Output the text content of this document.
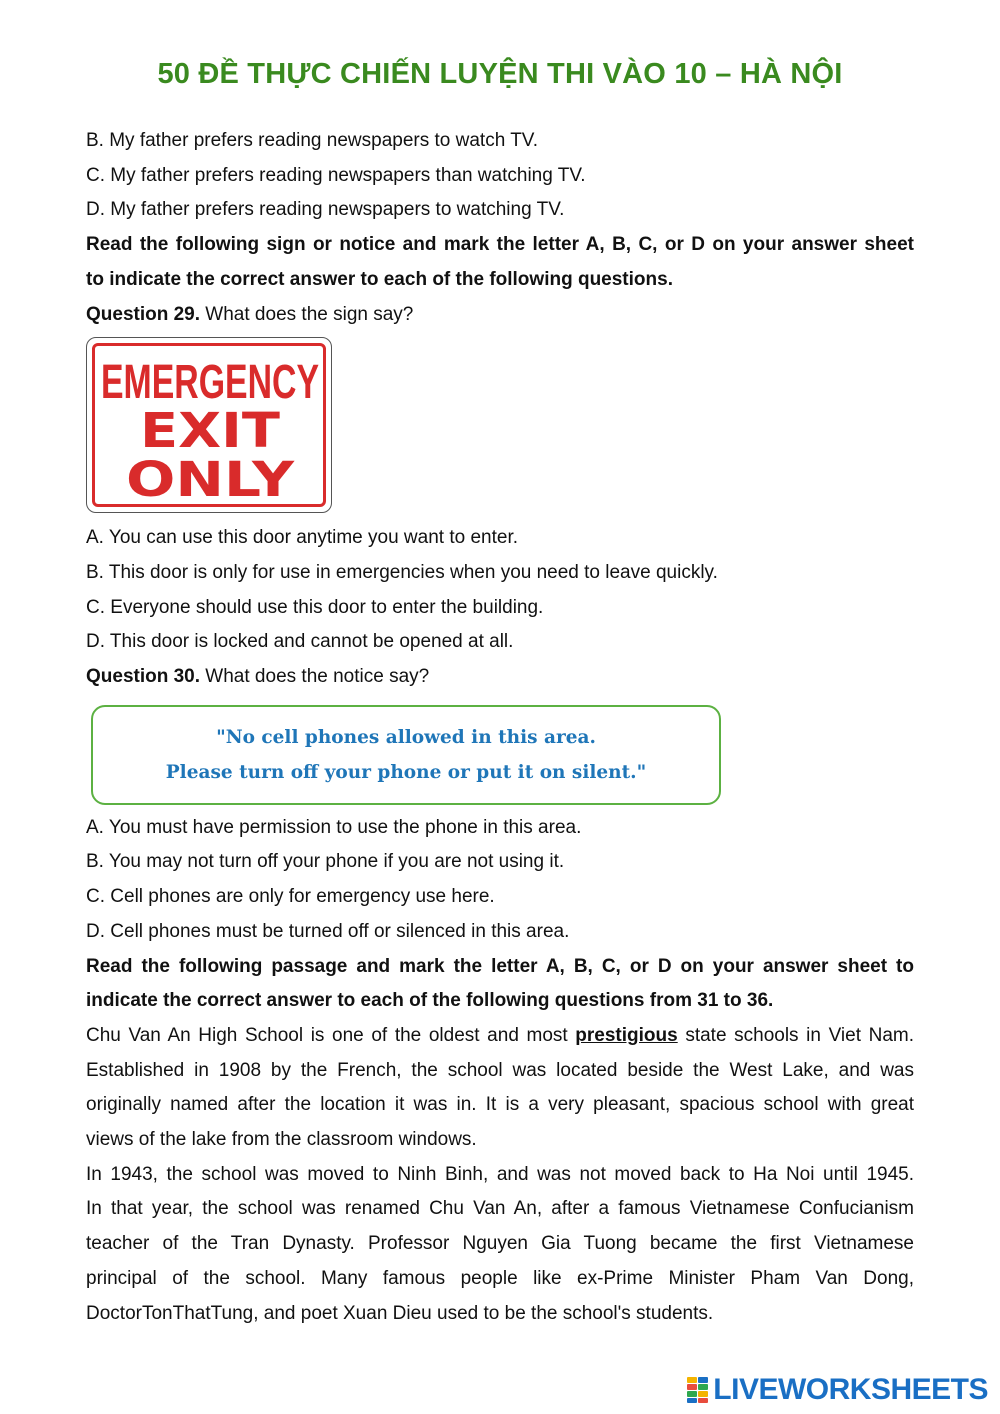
50 ĐỀ THỰC CHIẾN LUYỆN THI VÀO 10 – HÀ NỘI

B. My father prefers reading newspapers to watch TV.

C. My father prefers reading newspapers than watching TV.

D. My father prefers reading newspapers to watching TV.

Read the following sign or notice and mark the letter A, B, C, or D on your answer sheet

to indicate the correct answer to each of the following questions.

Question 29. What does the sign say?

EMERGENCY
EXIT
ONLY

A. You can use this door anytime you want to enter.

B. This door is only for use in emergencies when you need to leave quickly.

C. Everyone should use this door to enter the building.

D. This door is locked and cannot be opened at all.

Question 30. What does the notice say?

"No cell phones allowed in this area.
Please turn off your phone or put it on silent."

A. You must have permission to use the phone in this area.

B. You may not turn off your phone if you are not using it.

C. Cell phones are only for emergency use here.

D. Cell phones must be turned off or silenced in this area.

Read the following passage and mark the letter A, B, C, or D on your answer sheet to

indicate the correct answer to each of the following questions from 31 to 36.

Chu Van An High School is one of the oldest and most prestigious state schools in Viet Nam.

Established in 1908 by the French, the school was located beside the West Lake, and was

originally named after the location it was in. It is a very pleasant, spacious school with great

views of the lake from the classroom windows.

In 1943, the school was moved to Ninh Binh, and was not moved back to Ha Noi until 1945.

In that year, the school was renamed Chu Van An, after a famous Vietnamese Confucianism

teacher of the Tran Dynasty. Professor Nguyen Gia Tuong became the first Vietnamese

principal of the school. Many famous people like ex-Prime Minister Pham Van Dong,

DoctorTonThatTung, and poet Xuan Dieu used to be the school's students.

LIVEWORKSHEETS
